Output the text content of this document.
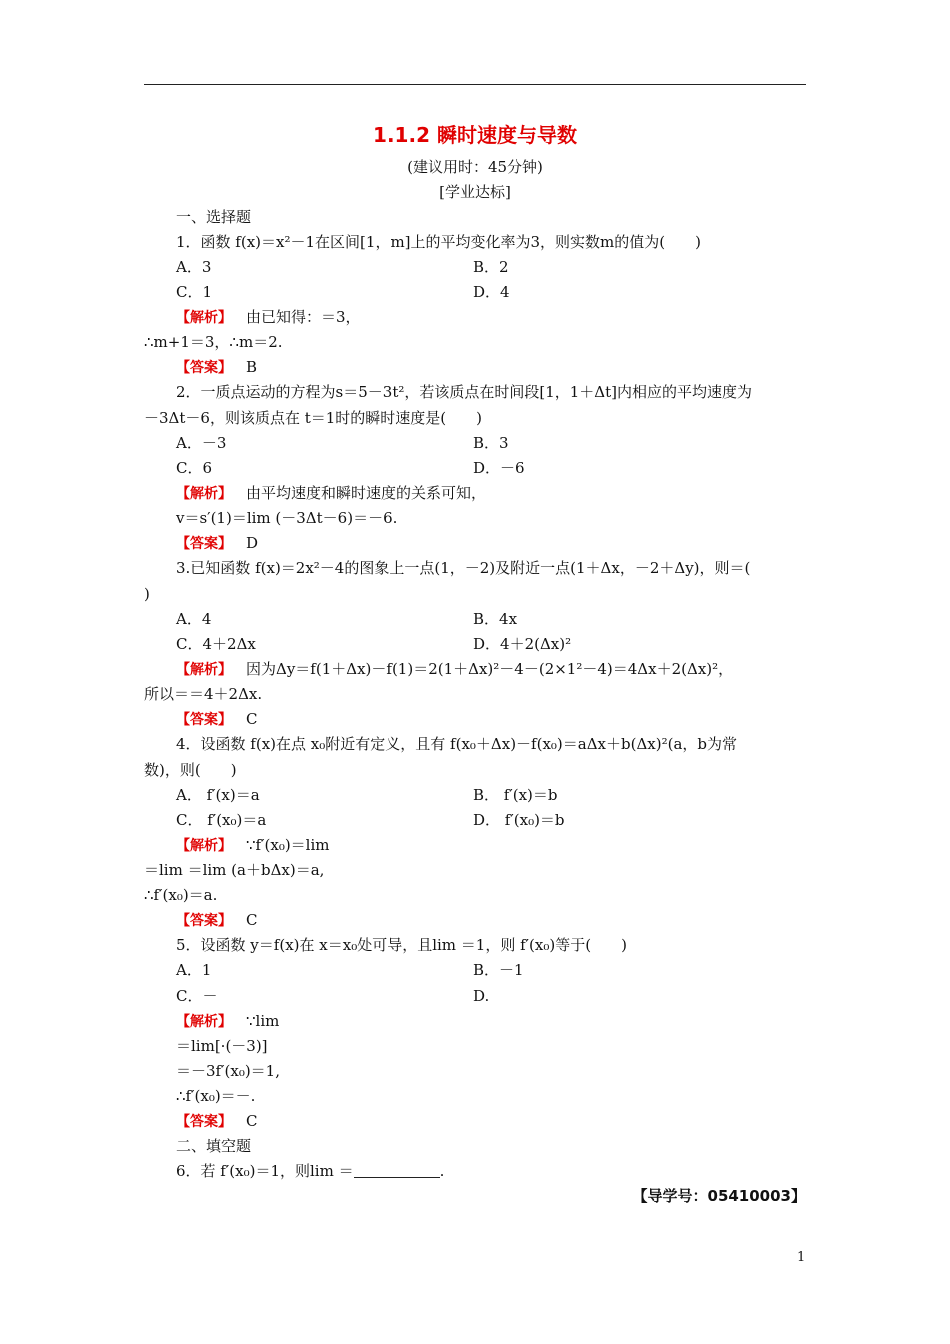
1.1.2 瞬时速度与导数
(建议用时：45分钟)
[学业达标]
一、选择题
1．函数 f(x)＝x²－1在区间[1，m]上的平均变化率为3，则实数m的值为(　　)
A．3	B．2
C．1	D．4
【解析】 由已知得：＝3，
∴m+1＝3，∴m＝2.
【答案】 B
2．一质点运动的方程为s＝5－3t²，若该质点在时间段[1，1＋Δt]内相应的平均速度为
－3Δt－6，则该质点在 t＝1时的瞬时速度是(　　)
A．－3	B．3
C．6	D．－6
【解析】 由平均速度和瞬时速度的关系可知，
v＝s′(1)＝lim (－3Δt－6)＝－6.
【答案】 D
3.已知函数 f(x)＝2x²－4的图象上一点(1，－2)及附近一点(1＋Δx，－2＋Δy)，则＝(
)
A．4	B．4x
C．4＋2Δx	D．4＋2(Δx)²
【解析】 因为Δy＝f(1＋Δx)－f(1)＝2(1＋Δx)²－4－(2×1²－4)＝4Δx＋2(Δx)²，
所以＝＝4＋2Δx.
【答案】 C
4．设函数 f(x)在点 x₀附近有定义，且有 f(x₀＋Δx)－f(x₀)＝aΔx＋b(Δx)²(a，b为常
数)，则(　　)
A． f′(x)＝a	B． f′(x)＝b
C． f′(x₀)＝a	D． f′(x₀)＝b
【解析】 ∵f′(x₀)＝lim
＝lim ＝lim (a＋bΔx)＝a,
∴f′(x₀)＝a.
【答案】 C
5．设函数 y＝f(x)在 x＝x₀处可导，且lim ＝1，则 f′(x₀)等于(　　)
A．1	B．－1
C．－	D.
【解析】 ∵lim
＝lim[·(－3)]
＝－3f′(x₀)＝1,
∴f′(x₀)＝－.
【答案】 C
二、填空题
6．若 f′(x₀)＝1，则lim ＝	.
【导学号：05410003】
1
